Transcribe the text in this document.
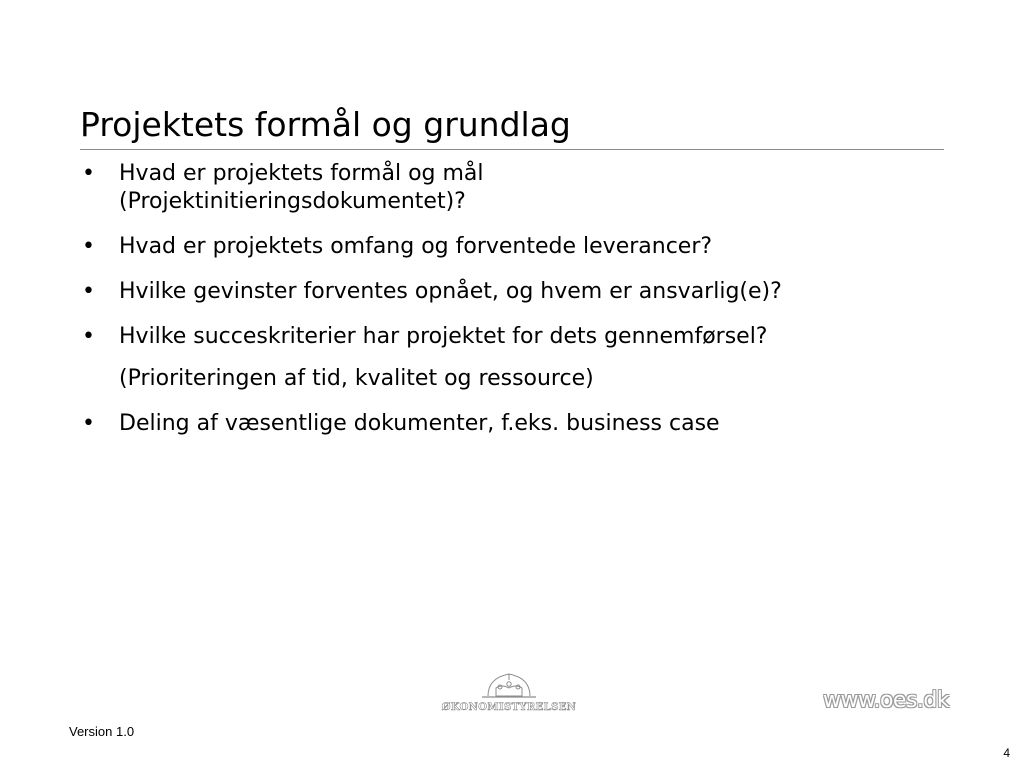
Projektets formål og grundlag
• Hvad er projektets formål og mål (Projektinitieringsdokumentet)?
• Hvad er projektets omfang og forventede leverancer?
• Hvilke gevinster forventes opnået, og hvem er ansvarlig(e)?
• Hvilke succeskriterier har projektet for dets gennemførsel?
(Prioriteringen af tid, kvalitet og ressource)
• Deling af væsentlige dokumenter, f.eks. business case
ØKONOMISTYRELSEN	www.oes.dk
Version 1.0
4
